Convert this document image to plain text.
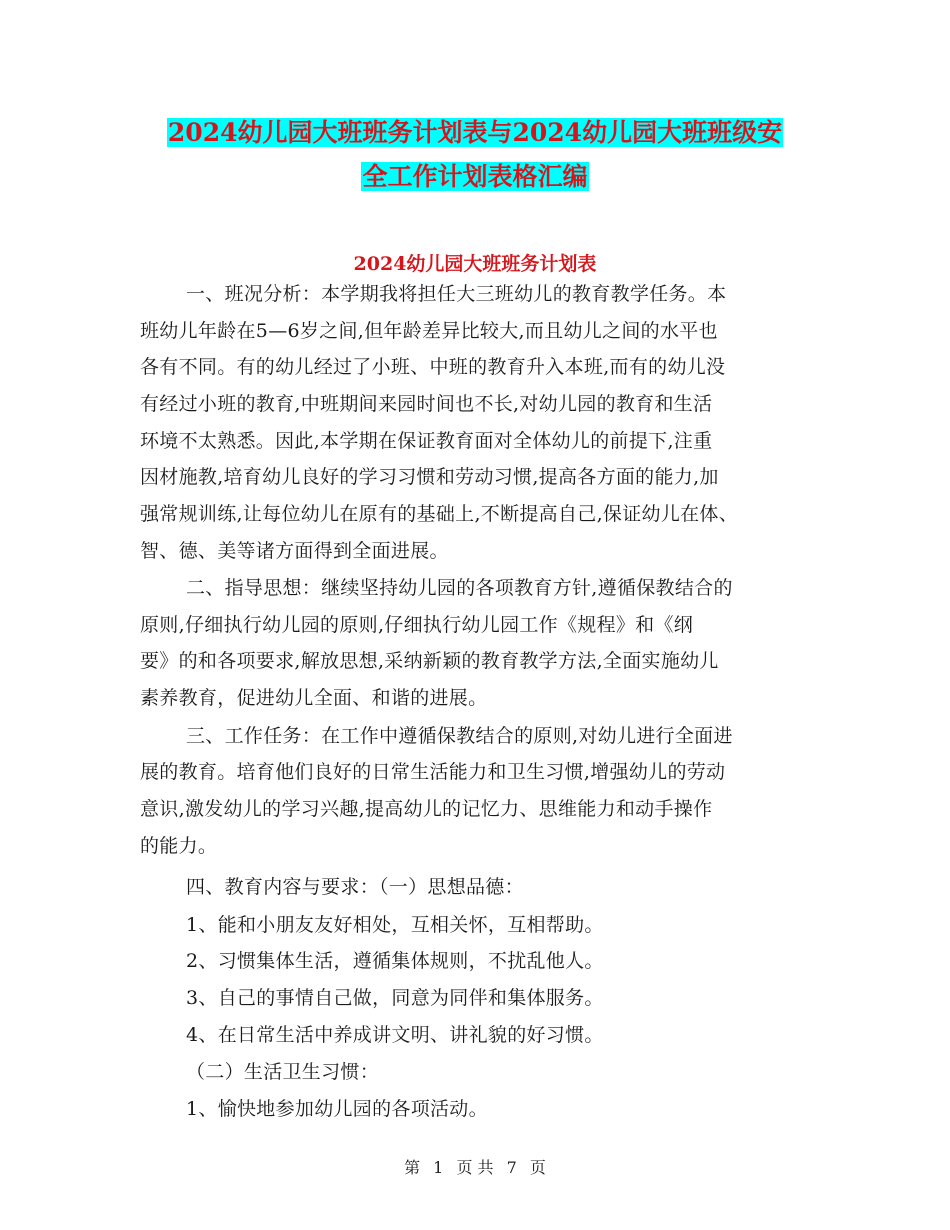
2024幼儿园大班班务计划表与2024幼儿园大班班级安
全工作计划表格汇编
2024幼儿园大班班务计划表
一、班况分析：本学期我将担任大三班幼儿的教育教学任务。本
班幼儿年龄在5—6岁之间,但年龄差异比较大,而且幼儿之间的水平也
各有不同。有的幼儿经过了小班、中班的教育升入本班,而有的幼儿没
有经过小班的教育,中班期间来园时间也不长,对幼儿园的教育和生活
环境不太熟悉。因此,本学期在保证教育面对全体幼儿的前提下,注重
因材施教,培育幼儿良好的学习习惯和劳动习惯,提高各方面的能力,加
强常规训练,让每位幼儿在原有的基础上,不断提高自己,保证幼儿在体、
智、德、美等诸方面得到全面进展。
二、指导思想：继续坚持幼儿园的各项教育方针,遵循保教结合的
原则,仔细执行幼儿园的原则,仔细执行幼儿园工作《规程》和《纲
要》的和各项要求,解放思想,采纳新颖的教育教学方法,全面实施幼儿
素养教育，促进幼儿全面、和谐的进展。
三、工作任务：在工作中遵循保教结合的原则,对幼儿进行全面进
展的教育。培育他们良好的日常生活能力和卫生习惯,增强幼儿的劳动
意识,激发幼儿的学习兴趣,提高幼儿的记忆力、思维能力和动手操作
的能力。
四、教育内容与要求：（一）思想品德：
1、能和小朋友友好相处，互相关怀，互相帮助。
2、习惯集体生活，遵循集体规则，不扰乱他人。
3、自己的事情自己做，同意为同伴和集体服务。
4、在日常生活中养成讲文明、讲礼貌的好习惯。
（二）生活卫生习惯：
1、愉快地参加幼儿园的各项活动。
第 1 页 共 7 页
